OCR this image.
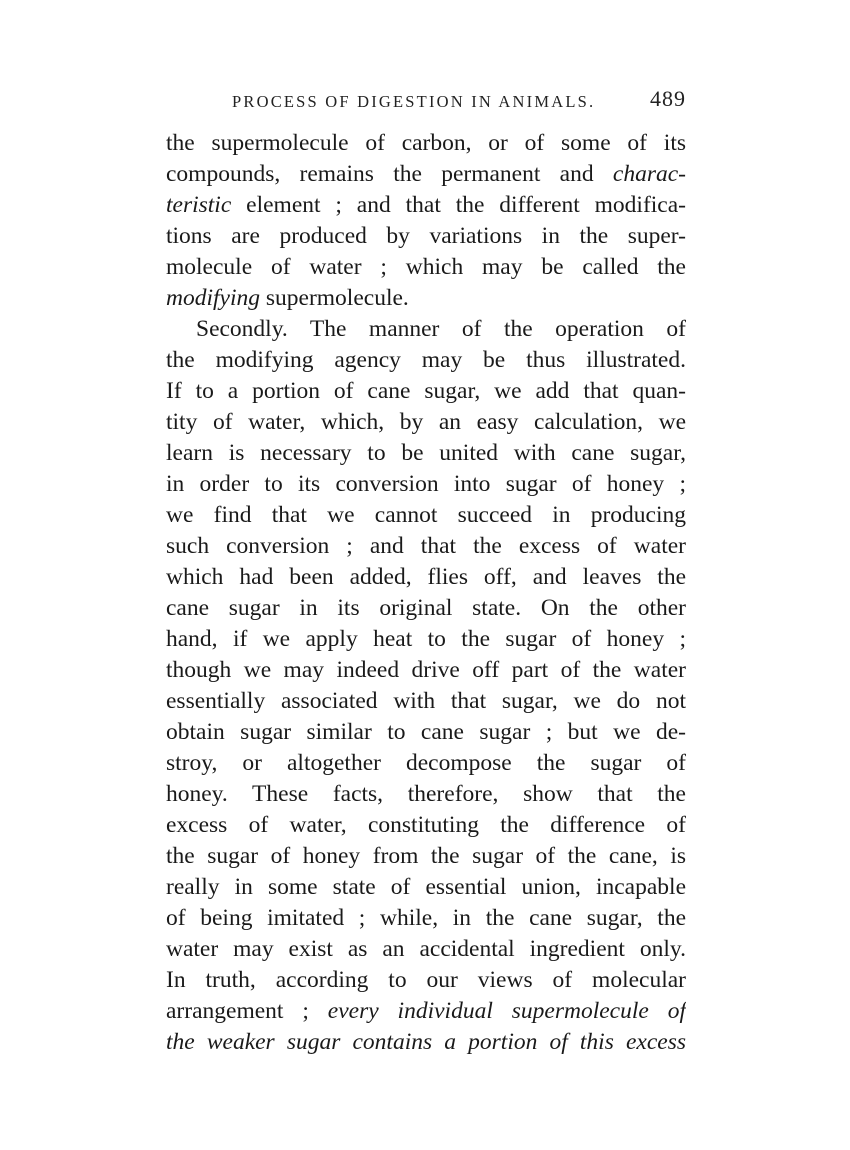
PROCESS OF DIGESTION IN ANIMALS. 489
the supermolecule of carbon, or of some of its
compounds, remains the permanent and charac-
teristic element ; and that the different modifica-
tions are produced by variations in the super-
molecule of water ; which may be called the
modifying supermolecule.
Secondly. The manner of the operation of
the modifying agency may be thus illustrated.
If to a portion of cane sugar, we add that quan-
tity of water, which, by an easy calculation, we
learn is necessary to be united with cane sugar,
in order to its conversion into sugar of honey ;
we find that we cannot succeed in producing
such conversion ; and that the excess of water
which had been added, flies off, and leaves the
cane sugar in its original state. On the other
hand, if we apply heat to the sugar of honey ;
though we may indeed drive off part of the water
essentially associated with that sugar, we do not
obtain sugar similar to cane sugar ; but we de-
stroy, or altogether decompose the sugar of
honey. These facts, therefore, show that the
excess of water, constituting the difference of
the sugar of honey from the sugar of the cane, is
really in some state of essential union, incapable
of being imitated ; while, in the cane sugar, the
water may exist as an accidental ingredient only.
In truth, according to our views of molecular
arrangement ; every individual supermolecule of
the weaker sugar contains a portion of this excess
